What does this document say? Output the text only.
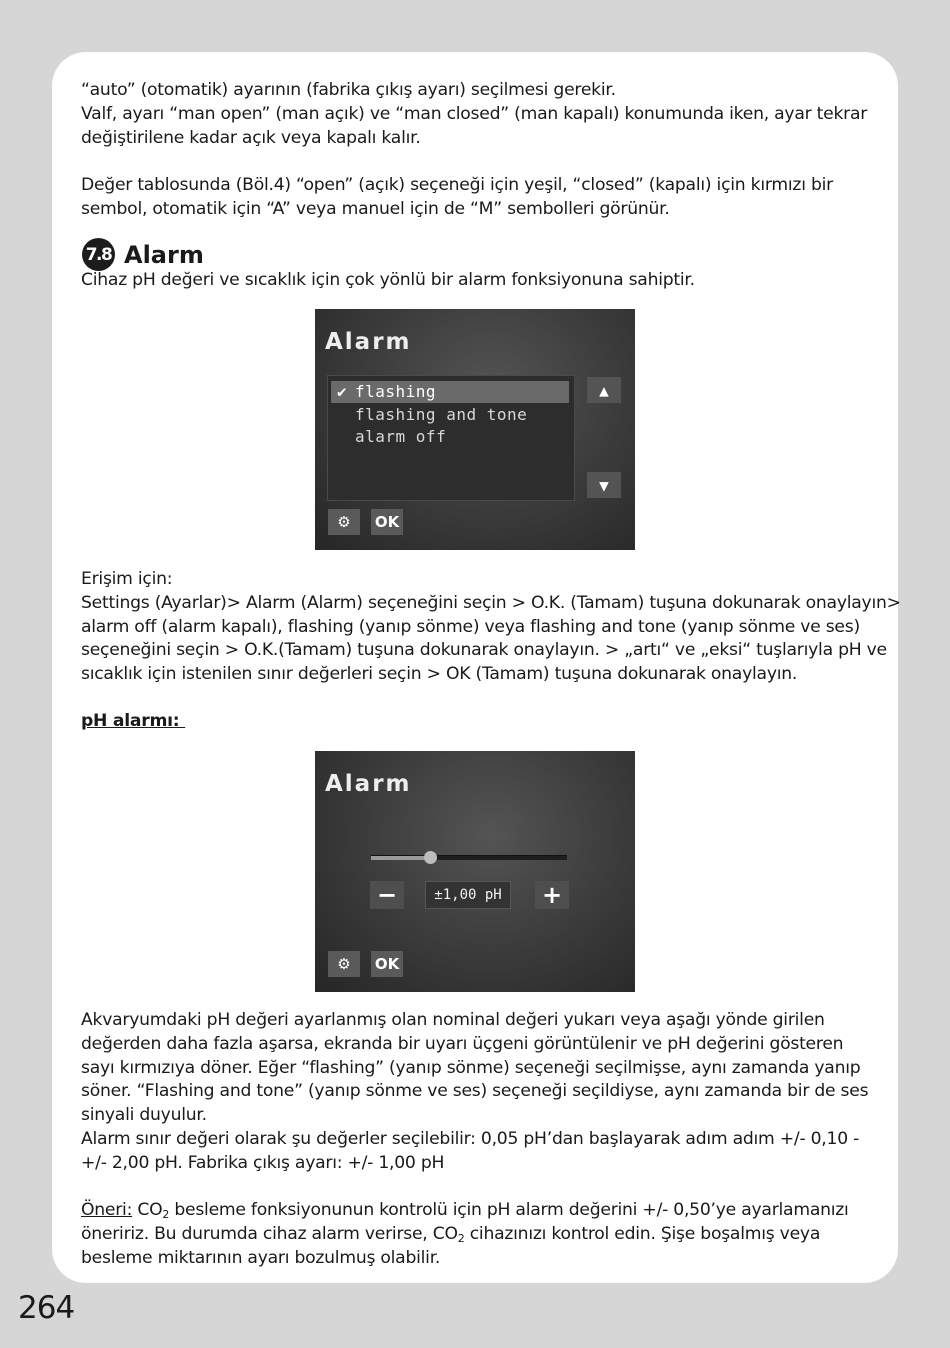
“auto” (otomatik) ayarının (fabrika çıkış ayarı) seçilmesi gerekir.
Valf, ayarı “man open” (man açık) ve “man closed” (man kapalı) konumunda iken, ayar tekrar
değiştirilene kadar açık veya kapalı kalır.
Değer tablosunda (Böl.4) “open” (açık) seçeneği için yeşil, “closed” (kapalı) için kırmızı bir
sembol, otomatik için “A” veya manuel için de “M” sembolleri görünür.
7.8 Alarm
Cihaz pH değeri ve sıcaklık için çok yönlü bir alarm fonksiyonuna sahiptir.
Alarm
✔ flashing
flashing and tone
alarm off
▲
▼
⚙ OK
Erişim için:
Settings (Ayarlar)> Alarm (Alarm) seçeneğini seçin > O.K. (Tamam) tuşuna dokunarak onaylayın>
alarm off (alarm kapalı), flashing (yanıp sönme) veya flashing and tone (yanıp sönme ve ses)
seçeneğini seçin > O.K.(Tamam) tuşuna dokunarak onaylayın. > „artı“ ve „eksi“ tuşlarıyla pH ve
sıcaklık için istenilen sınır değerleri seçin > OK (Tamam) tuşuna dokunarak onaylayın.
pH alarmı:
Alarm
−	±1,00 pH	+
⚙ OK
Akvaryumdaki pH değeri ayarlanmış olan nominal değeri yukarı veya aşağı yönde girilen
değerden daha fazla aşarsa, ekranda bir uyarı üçgeni görüntülenir ve pH değerini gösteren
sayı kırmızıya döner. Eğer “flashing” (yanıp sönme) seçeneği seçilmişse, aynı zamanda yanıp
söner. “Flashing and tone” (yanıp sönme ve ses) seçeneği seçildiyse, aynı zamanda bir de ses
sinyali duyulur.
Alarm sınır değeri olarak şu değerler seçilebilir: 0,05 pH’dan başlayarak adım adım +/- 0,10 -
+/- 2,00 pH. Fabrika çıkış ayarı: +/- 1,00 pH
Öneri: $CO_2$ besleme fonksiyonunun kontrolü için pH alarm değerini +/- 0,50’ye ayarlamanızı
öneririz. Bu durumda cihaz alarm verirse, $CO_2$ cihazınızı kontrol edin. Şişe boşalmış veya
besleme miktarının ayarı bozulmuş olabilir.
264
